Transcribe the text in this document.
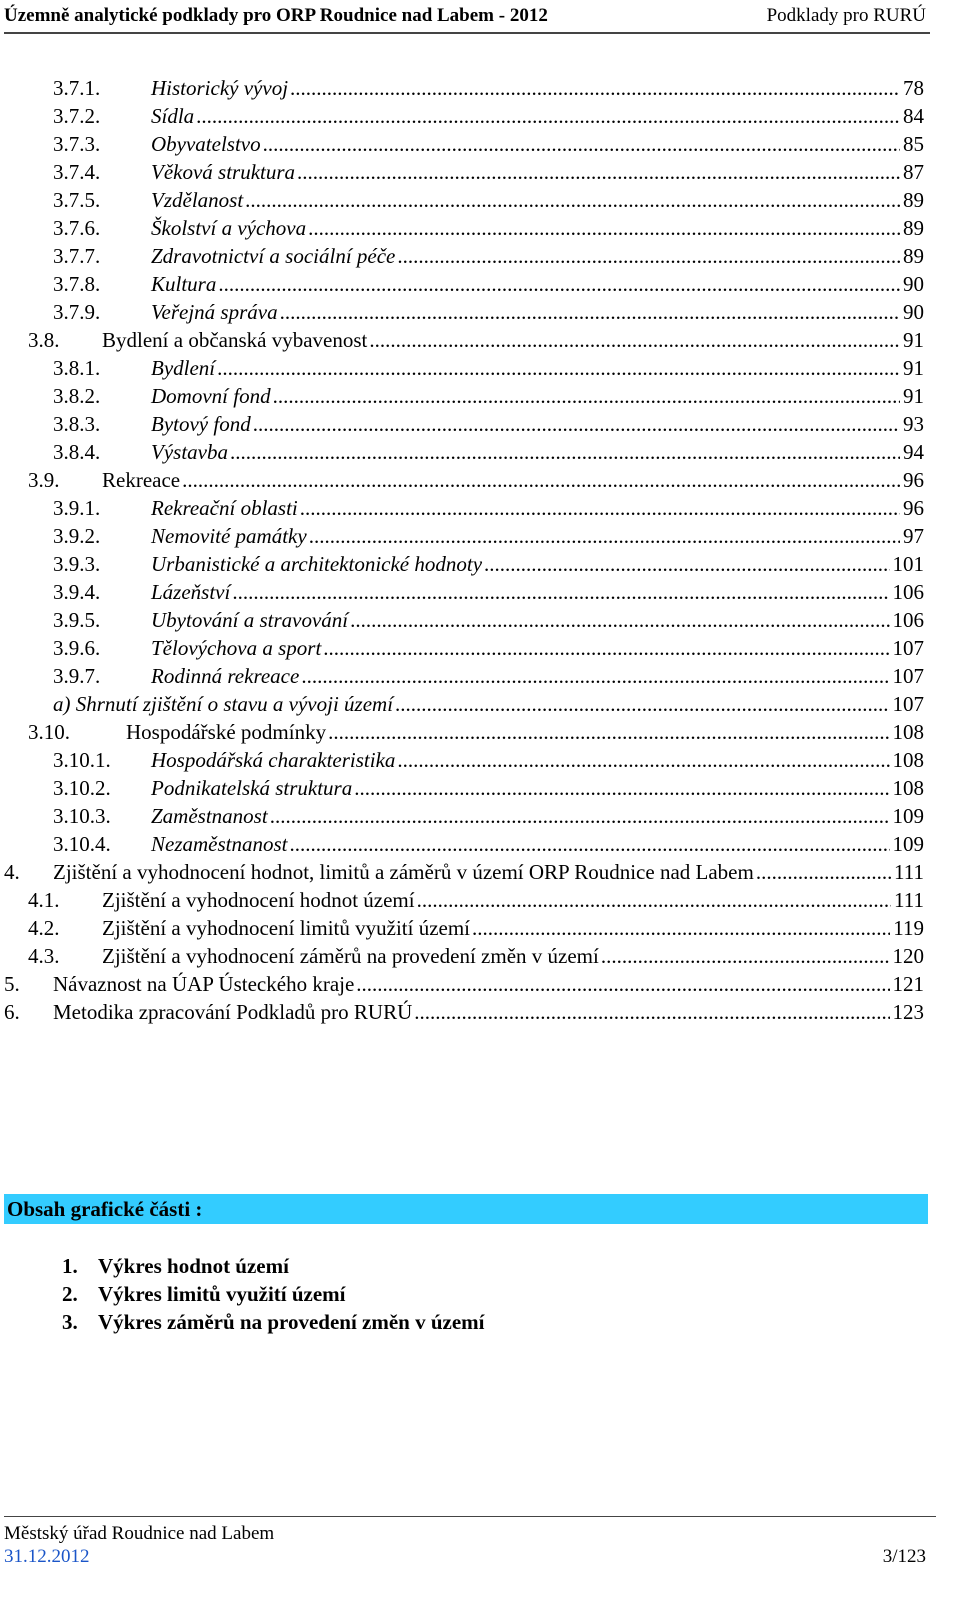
Územně analytické podklady pro ORP Roudnice nad Labem - 2012	Podklady pro RURÚ
3.7.1.	Historický vývoj .....	78
3.7.2.	Sídla .....	84
3.7.3.	Obyvatelstvo .....	85
3.7.4.	Věková struktura .....	87
3.7.5.	Vzdělanost .....	89
3.7.6.	Školství a výchova .....	89
3.7.7.	Zdravotnictví a sociální péče .....	89
3.7.8.	Kultura .....	90
3.7.9.	Veřejná správa .....	90
3.8.	Bydlení a občanská vybavenost .....	91
3.8.1.	Bydlení .....	91
3.8.2.	Domovní fond .....	91
3.8.3.	Bytový fond .....	93
3.8.4.	Výstavba .....	94
3.9.	Rekreace .....	96
3.9.1.	Rekreační oblasti .....	96
3.9.2.	Nemovité památky .....	97
3.9.3.	Urbanistické a architektonické hodnoty .....	101
3.9.4.	Lázeňství .....	106
3.9.5.	Ubytování a stravování .....	106
3.9.6.	Tělovýchova a sport .....	107
3.9.7.	Rodinná rekreace .....	107
a) Shrnutí zjištění o stavu a vývoji území .....	107
3.10.	Hospodářské podmínky .....	108
3.10.1.	Hospodářská charakteristika .....	108
3.10.2.	Podnikatelská struktura .....	108
3.10.3.	Zaměstnanost .....	109
3.10.4.	Nezaměstnanost .....	109
4.	Zjištění a vyhodnocení hodnot, limitů a záměrů v území ORP Roudnice nad Labem .....	111
4.1.	Zjištění a vyhodnocení hodnot území .....	111
4.2.	Zjištění a vyhodnocení limitů využití území .....	119
4.3.	Zjištění a vyhodnocení záměrů na provedení změn v území .....	120
5.	Návaznost na ÚAP Ústeckého kraje .....	121
6.	Metodika zpracování Podkladů pro RURÚ .....	123
Obsah grafické části :
1. Výkres hodnot území
2. Výkres limitů využití území
3. Výkres záměrů na provedení změn v území
Městský úřad Roudnice nad Labem
31.12.2012	3/123
